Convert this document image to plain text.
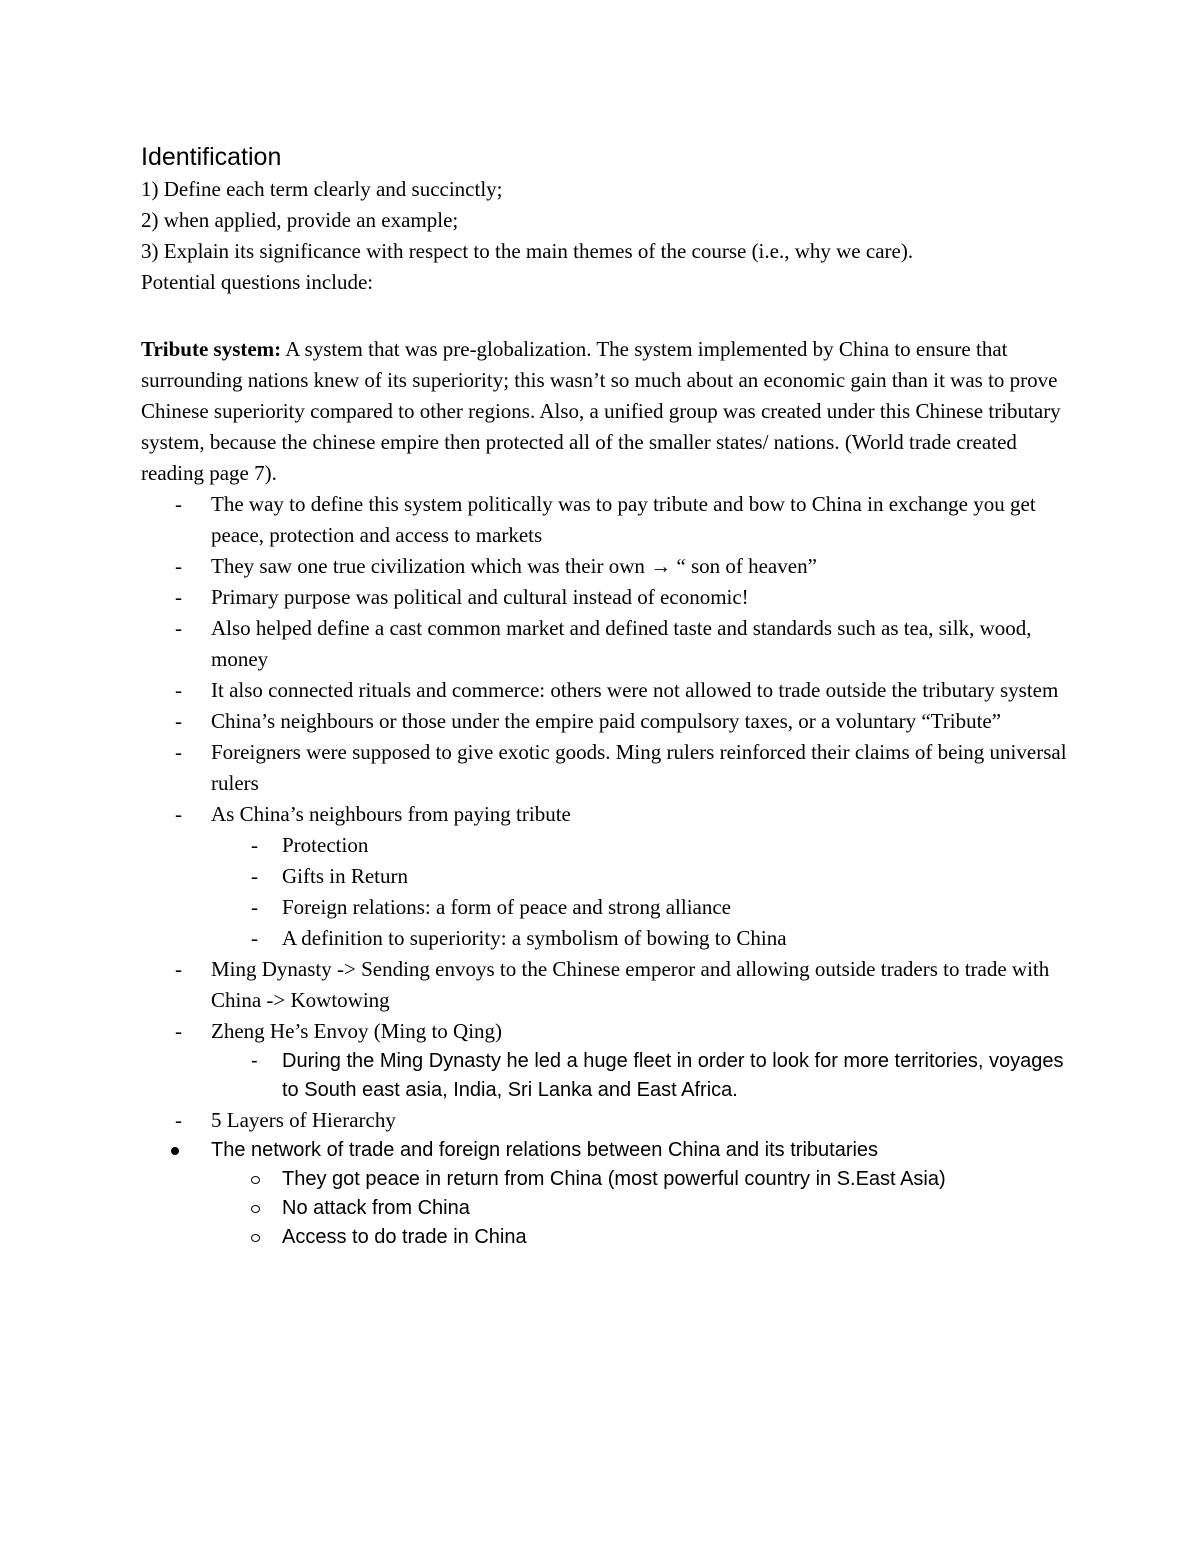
Identification

1) Define each term clearly and succinctly;

2) when applied, provide an example;

3) Explain its significance with respect to the main themes of the course (i.e., why we care).

Potential questions include:

Tribute system: A system that was pre-globalization. The system implemented by China to ensure that surrounding nations knew of its superiority; this wasn’t so much about an economic gain than it was to prove Chinese superiority compared to other regions. Also, a unified group was created under this Chinese tributary system, because the chinese empire then protected all of the smaller states/ nations. (World trade created reading page 7).

- The way to define this system politically was to pay tribute and bow to China in exchange you get peace, protection and access to markets
- They saw one true civilization which was their own → “ son of heaven”
- Primary purpose was political and cultural instead of economic!
- Also helped define a cast common market and defined taste and standards such as tea, silk, wood, money
- It also connected rituals and commerce: others were not allowed to trade outside the tributary system
- China’s neighbours or those under the empire paid compulsory taxes, or a voluntary “Tribute”
- Foreigners were supposed to give exotic goods. Ming rulers reinforced their claims of being universal rulers
- As China’s neighbours from paying tribute
- Protection
- Gifts in Return
- Foreign relations: a form of peace and strong alliance
- A definition to superiority: a symbolism of bowing to China
- Ming Dynasty -> Sending envoys to the Chinese emperor and allowing outside traders to trade with China -> Kowtowing
- Zheng He’s Envoy (Ming to Qing)
- During the Ming Dynasty he led a huge fleet in order to look for more territories, voyages to South east asia, India, Sri Lanka and East Africa.
- 5 Layers of Hierarchy
The network of trade and foreign relations between China and its tributaries
They got peace in return from China (most powerful country in S.East Asia)
No attack from China
Access to do trade in China
